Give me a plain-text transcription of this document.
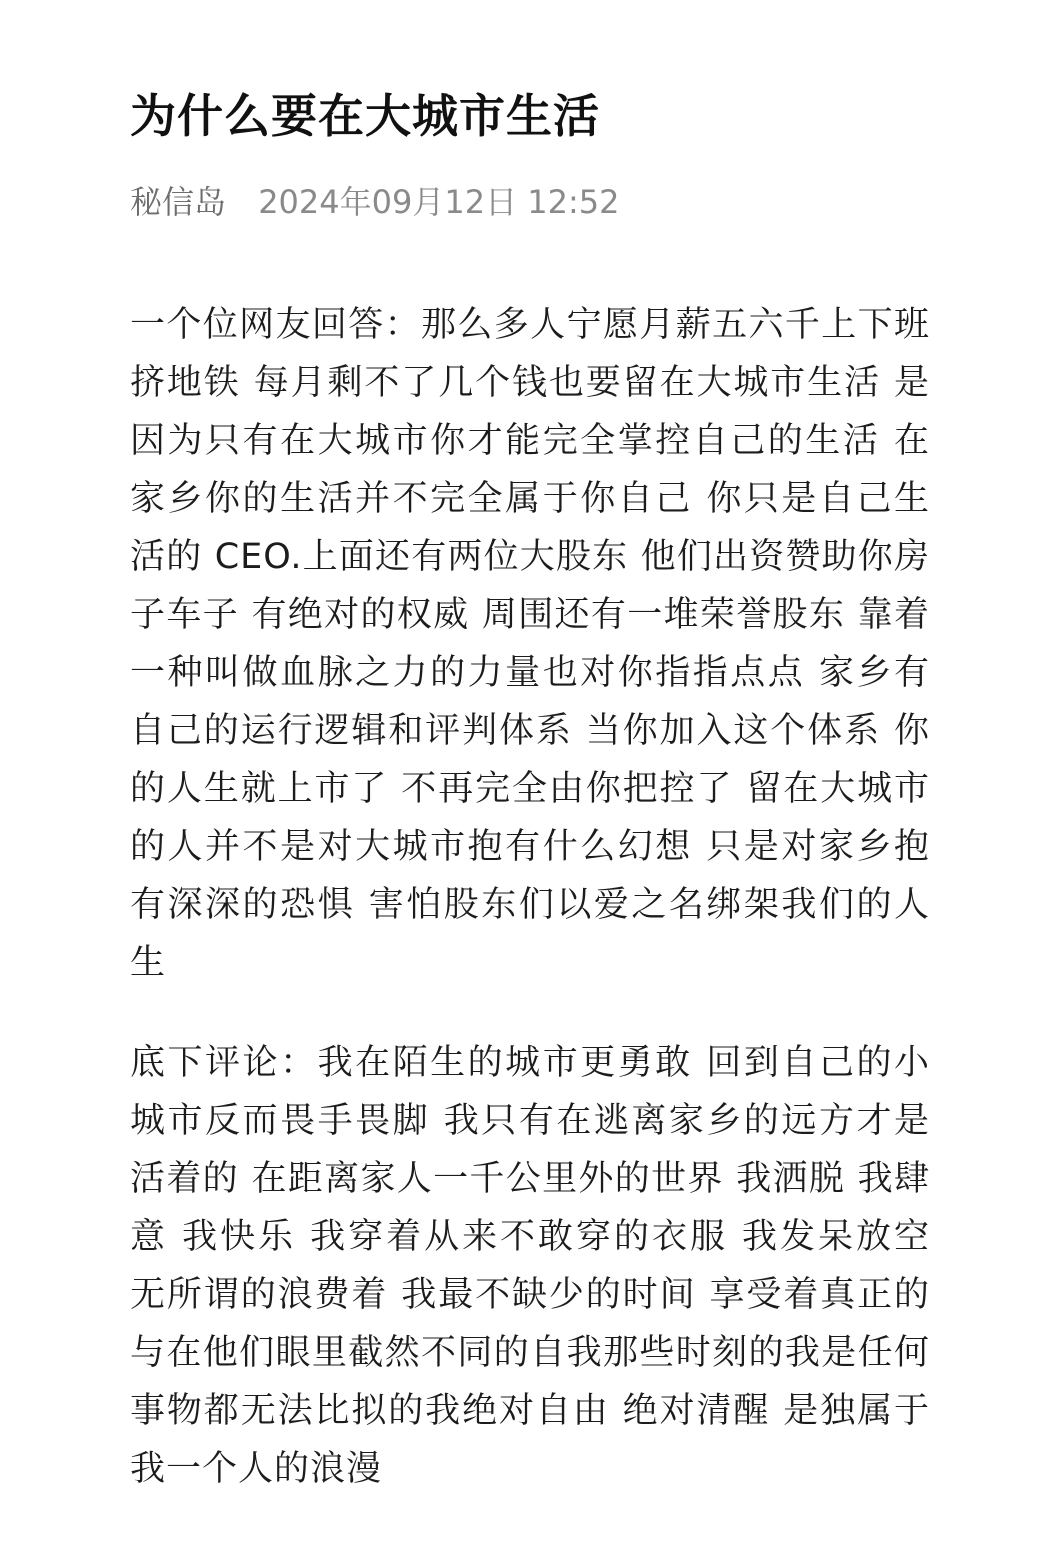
为什么要在大城市生活
秘信岛 2024年09月12日 12:52

一个位网友回答：那么多人宁愿月薪五六千上下班挤地铁 每月剩不了几个钱也要留在大城市生活 是因为只有在大城市你才能完全掌控自己的生活 在家乡你的生活并不完全属于你自己 你只是自己生活的 CEO.上面还有两位大股东 他们出资赞助你房子车子 有绝对的权威 周围还有一堆荣誉股东 靠着一种叫做血脉之力的力量也对你指指点点 家乡有自己的运行逻辑和评判体系 当你加入这个体系 你的人生就上市了 不再完全由你把控了 留在大城市的人并不是对大城市抱有什么幻想 只是对家乡抱有深深的恐惧 害怕股东们以爱之名绑架我们的人生

底下评论：我在陌生的城市更勇敢 回到自己的小城市反而畏手畏脚 我只有在逃离家乡的远方才是活着的 在距离家人一千公里外的世界 我洒脱 我肆意 我快乐 我穿着从来不敢穿的衣服 我发呆放空 无所谓的浪费着 我最不缺少的时间 享受着真正的与在他们眼里截然不同的自我那些时刻的我是任何事物都无法比拟的我绝对自由 绝对清醒 是独属于我一个人的浪漫
